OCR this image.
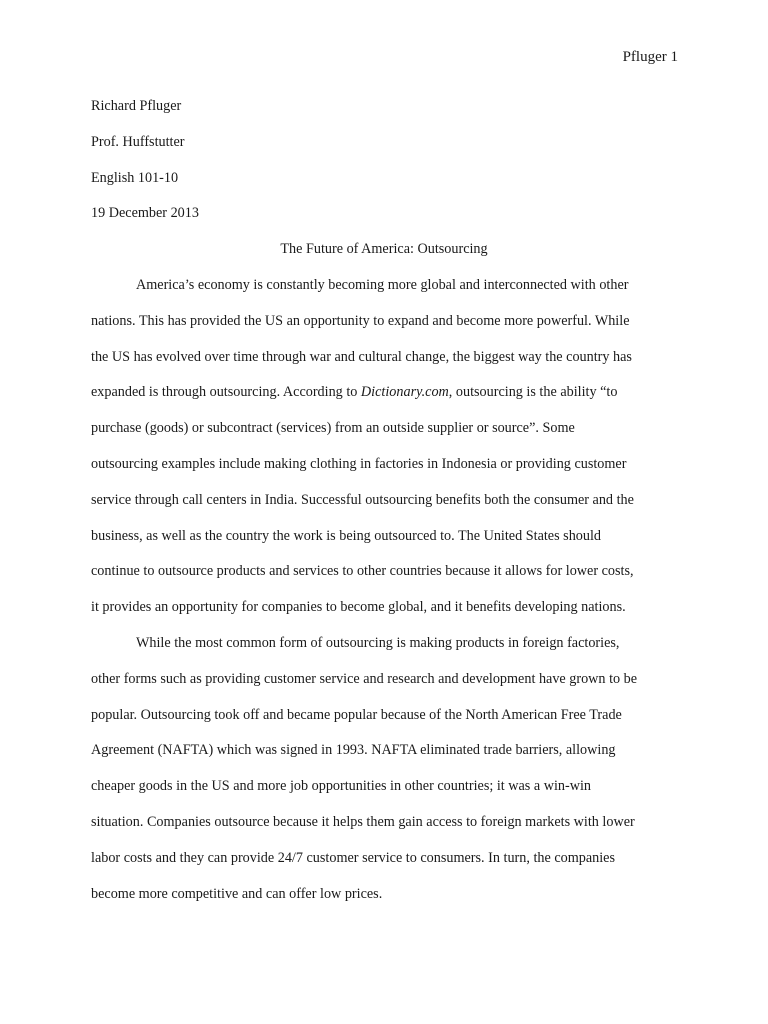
Pfluger 1
Richard Pfluger
Prof. Huffstutter
English 101-10
19 December 2013
The Future of America: Outsourcing
America’s economy is constantly becoming more global and interconnected with other
nations. This has provided the US an opportunity to expand and become more powerful. While
the US has evolved over time through war and cultural change, the biggest way the country has
expanded is through outsourcing. According to Dictionary.com, outsourcing is the ability “to
purchase (goods) or subcontract (services) from an outside supplier or source”. Some
outsourcing examples include making clothing in factories in Indonesia or providing customer
service through call centers in India. Successful outsourcing benefits both the consumer and the
business, as well as the country the work is being outsourced to. The United States should
continue to outsource products and services to other countries because it allows for lower costs,
it provides an opportunity for companies to become global, and it benefits developing nations.
While the most common form of outsourcing is making products in foreign factories,
other forms such as providing customer service and research and development have grown to be
popular. Outsourcing took off and became popular because of the North American Free Trade
Agreement (NAFTA) which was signed in 1993. NAFTA eliminated trade barriers, allowing
cheaper goods in the US and more job opportunities in other countries; it was a win-win
situation. Companies outsource because it helps them gain access to foreign markets with lower
labor costs and they can provide 24/7 customer service to consumers. In turn, the companies
become more competitive and can offer low prices.
